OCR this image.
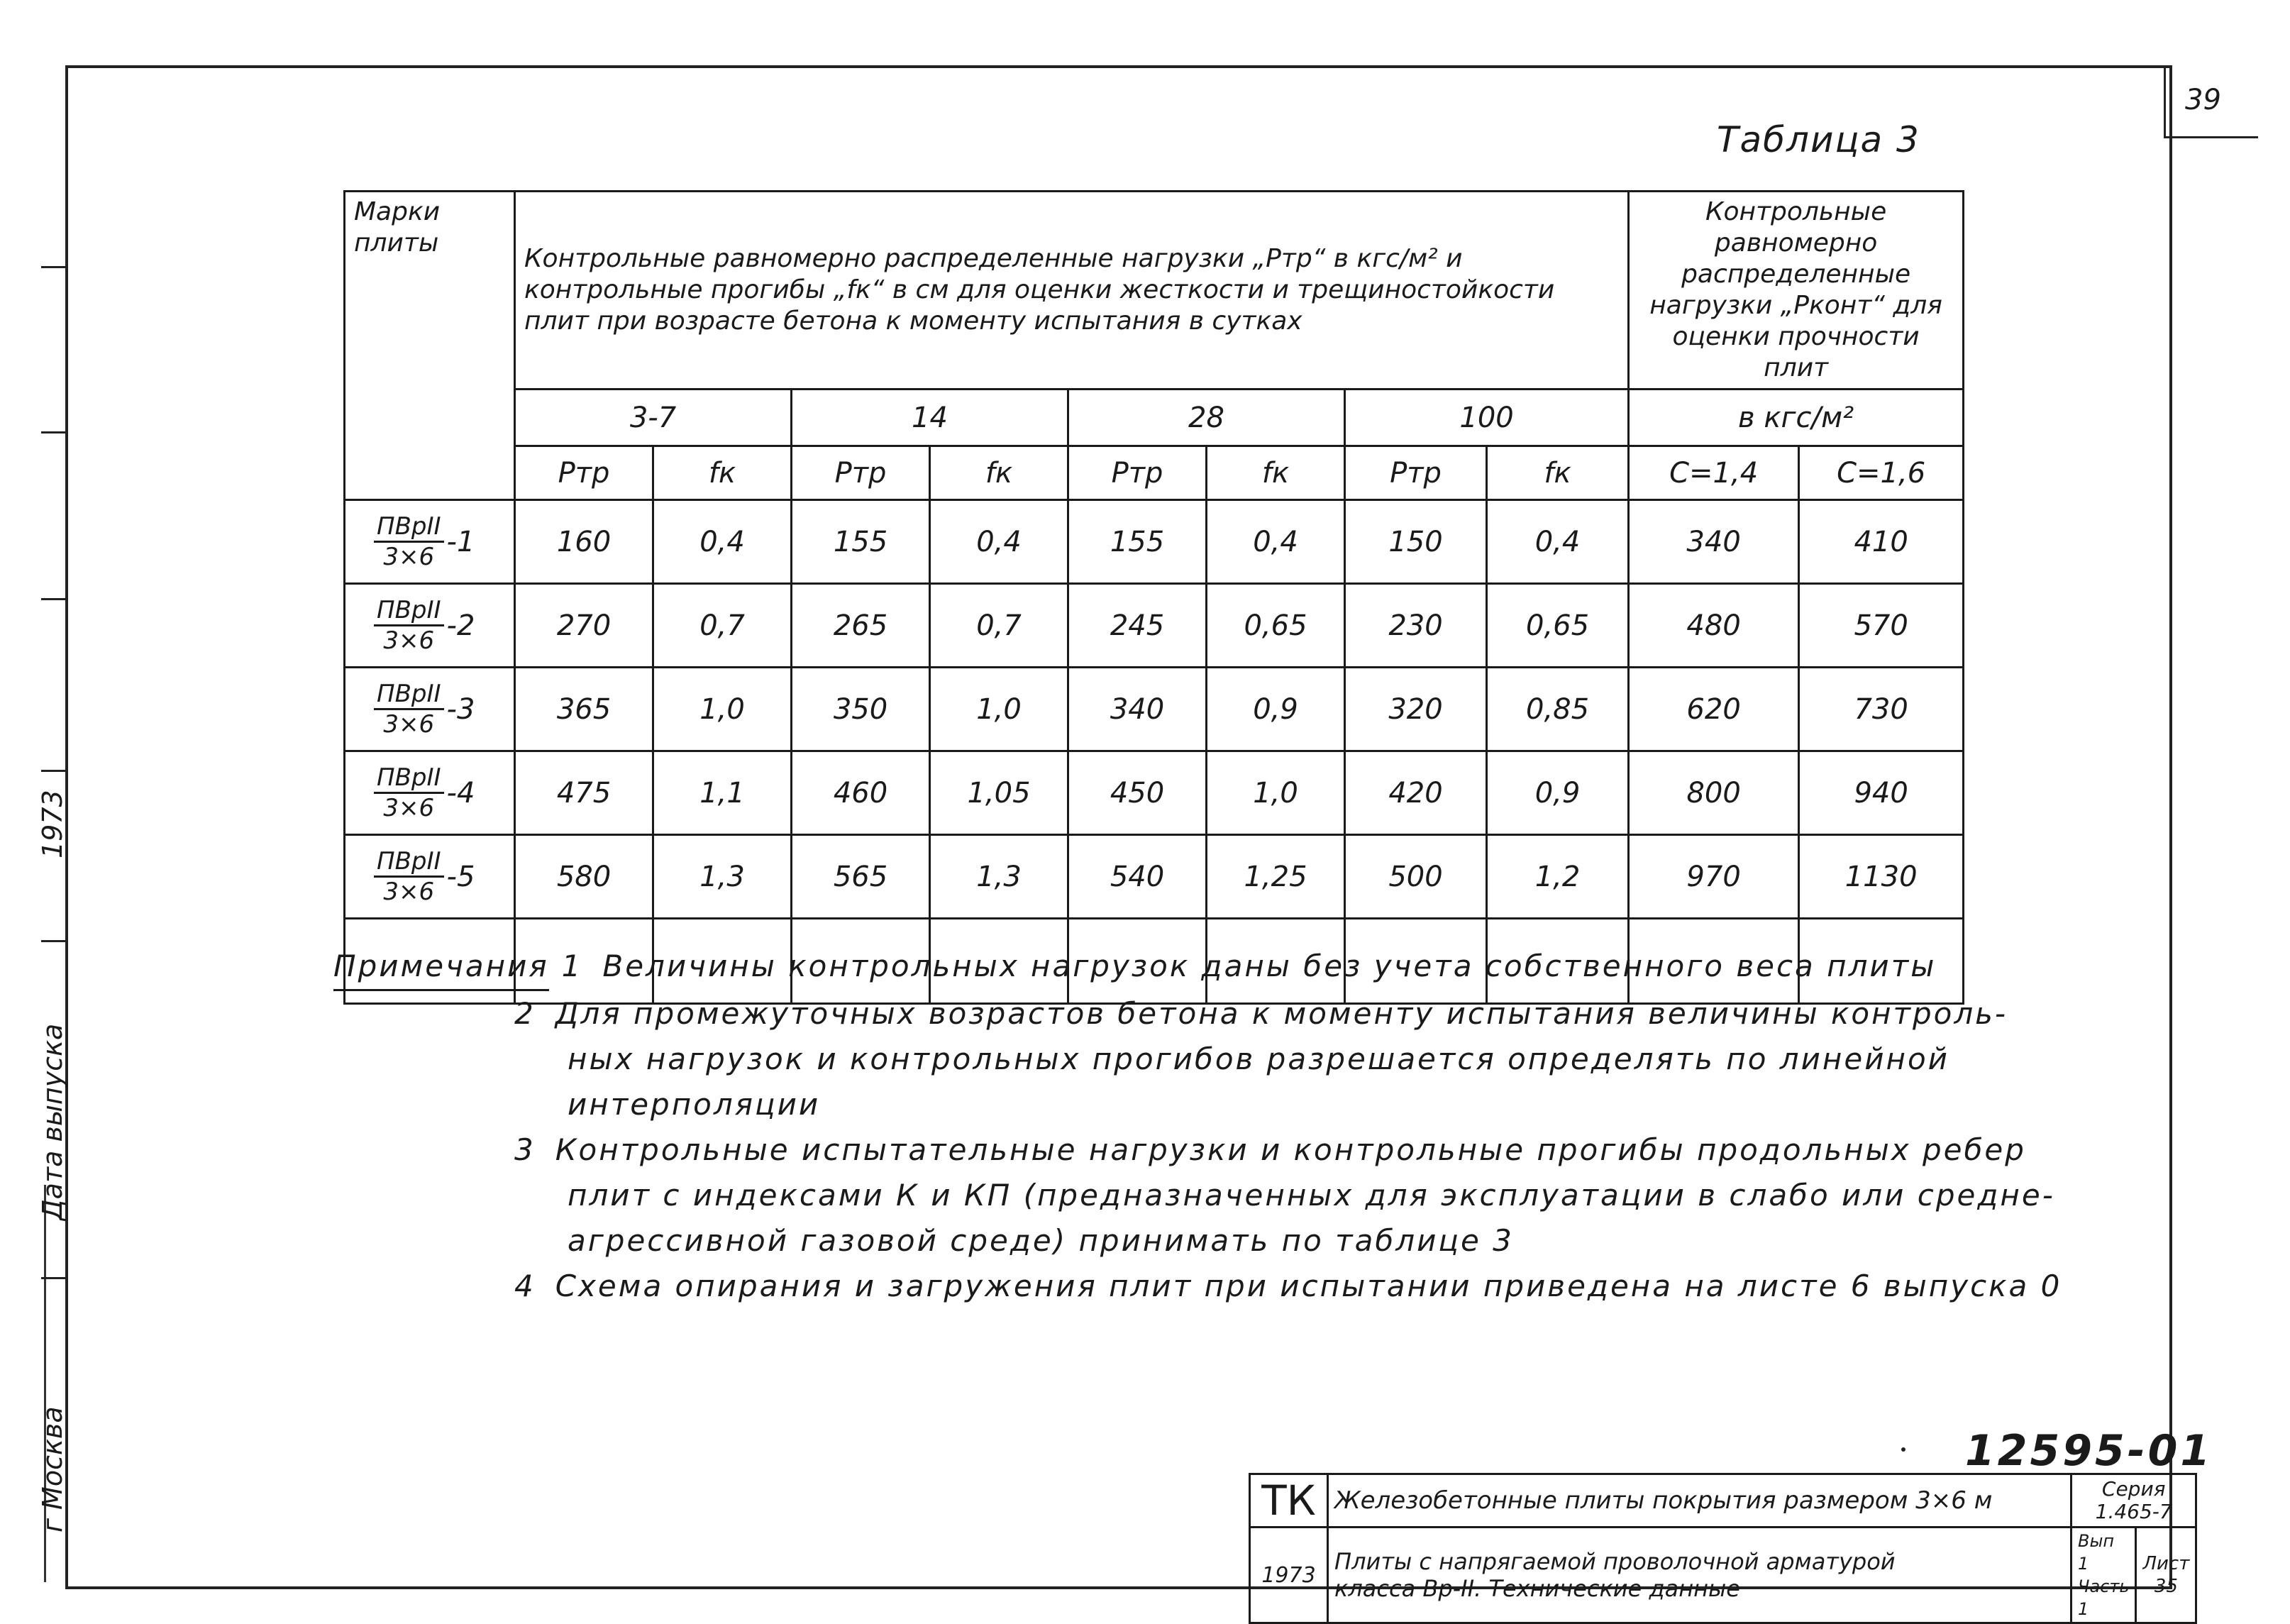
39
Таблица 3
Марки плиты	Контрольные равномерно распределенные нагрузки „Pтр“ в кгс/м² и контрольные прогибы „fк“ в см для оценки жесткости и трещиностойкости плит при возрасте бетона к моменту испытания в сутках								Контрольные равномерно распределенные нагрузки „Pконт“ для оценки прочности плит	
	3-7		14		28		100		в кгс/м²	
	Pтр	fк	Pтр	fк	Pтр	fк	Pтр	fк	C=1,4	C=1,6

$\frac{\text{ПВрII}}{3\times 6} -1$	160	0,4	155	0,4	155	0,4	150	0,4	340	410

$\frac{\text{ПВрII}}{3\times 6} -2$	270	0,7	265	0,7	245	0,65	230	0,65	480	570

$\frac{\text{ПВрII}}{3\times 6} -3$	365	1,0	350	1,0	340	0,9	320	0,85	620	730

$\frac{\text{ПВрII}}{3\times 6} -4$	475	1,1	460	1,05	450	1,0	420	0,9	800	940

$\frac{\text{ПВрII}}{3\times 6} -5$	580	1,3	565	1,3	540	1,25	500	1,2	970	1130

Примечания 1 Величины контрольных нагрузок даны без учета собственного веса плиты
2 Для промежуточных возрастов бетона к моменту испытания величины контроль-
ных нагрузок и контрольных прогибов разрешается определять по линейной
интерполяции
3 Контрольные испытательные нагрузки и контрольные прогибы продольных ребер
плит с индексами К и КП (предназначенных для эксплуатации в слабо или средне-
агрессивной газовой среде) принимать по таблице 3
4 Схема опирания и загружения плит при испытании приведена на листе 6 выпуска 0
1973
Дата выпуска
г Москва	12595-01
ТК	Железобетонные плиты покрытия размером 3×6 м	Серия
1.465-7	
1973	Плиты с напрягаемой проволочной арматурой
класса Вр-II. Технические данные	Вып 1
Часть 1	Лист
35
